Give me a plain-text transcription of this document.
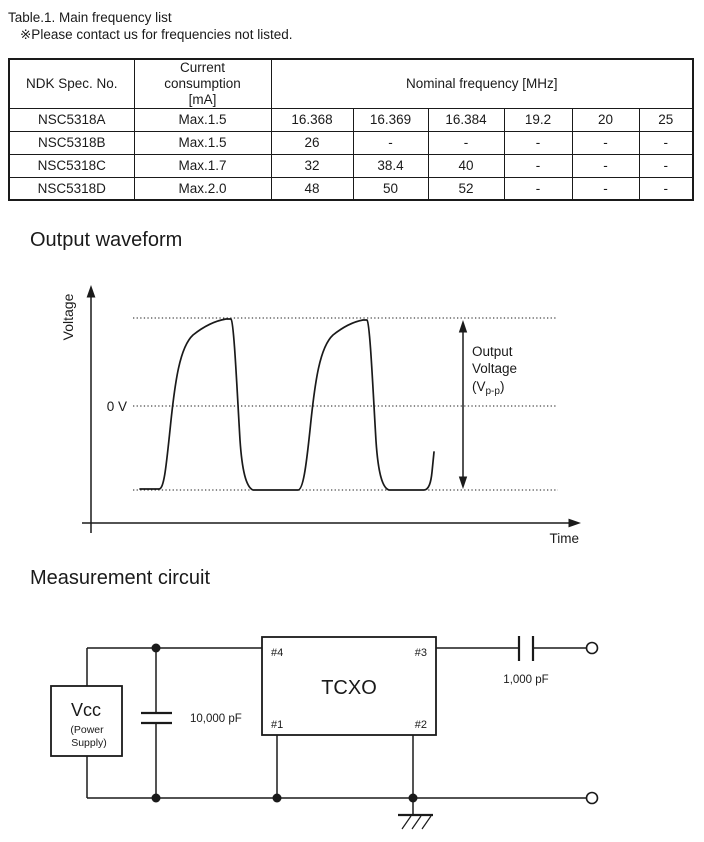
Table.1. Main frequency list
※Please contact us for frequencies not listed.
NDK Spec. No.	Current consumption [mA]	Nominal frequency [MHz]					
NSC5318A	Max.1.5	16.368	16.369	16.384	19.2	20	25
NSC5318B	Max.1.5	26	-	-	-	-	-
NSC5318C	Max.1.7	32	38.4	40	-	-	-
NSC5318D	Max.2.0	48	50	52	-	-	-
Output waveform
Voltage
0 V
Output
Voltage
$(V_{p-p})$
Time
Measurement circuit
Vcc
(Power
Supply)
10,000 pF
TCXO
#4	#3
#1	#2
1,000 pF
